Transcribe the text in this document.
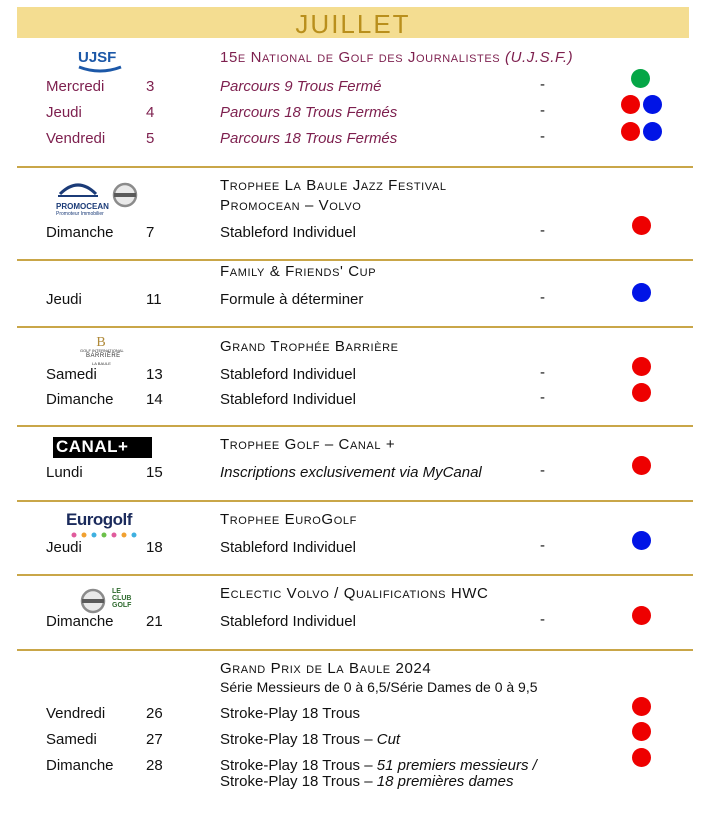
JUILLET
UJSF	15e National de Golf des Journalistes (U.J.S.F.)
Mercredi	3	Parcours 9 Trous Fermé	-
Jeudi	4	Parcours 18 Trous Fermés	-
Vendredi	5	Parcours 18 Trous Fermés	-
PROMOCEAN
Promoteur Immobilier
Trophee La Baule Jazz Festival
Promocean – Volvo
Dimanche 7	Stableford Individuel	-
Family & Friends' Cup
Jeudi	11	Formule à déterminer	-
B
GOLF INTERNATIONAL
BARRIÈRE
LA BAULE
Grand Trophée Barrière
Samedi	13	Stableford Individuel	-
Dimanche 14	Stableford Individuel	-
CANAL+	Trophee Golf – Canal +
Lundi	15	Inscriptions exclusivement via MyCanal	-
Eurogolf	Trophee EuroGolf
Jeudi	18	Stableford Individuel	-
LE CLUB GOLF
Eclectic Volvo / Qualifications HWC
Dimanche 21	Stableford Individuel	-
Grand Prix de La Baule 2024
Série Messieurs de 0 à 6,5/Série Dames de 0 à 9,5
Vendredi	26	Stroke-Play 18 Trous
Samedi	27	Stroke-Play 18 Trous – Cut
Dimanche 28	Stroke-Play 18 Trous – 51 premiers messieurs /
Stroke-Play 18 Trous – 18 premières dames
